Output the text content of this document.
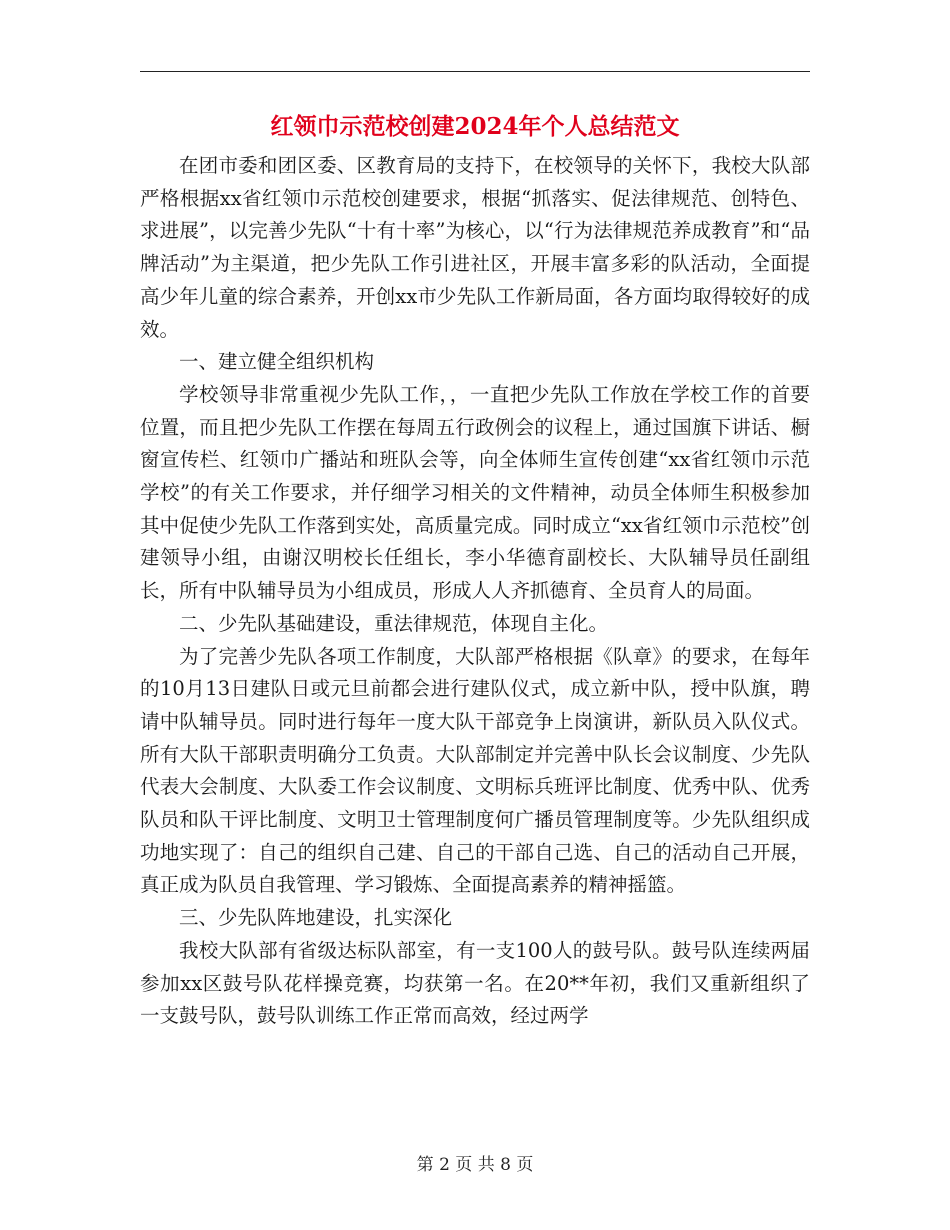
红领巾示范校创建2024年个人总结范文

在团市委和团区委、区教育局的支持下，在校领导的关怀下，我校大队部严格根据xx省红领巾示范校创建要求，根据“抓落实、促法律规范、创特色、求进展”，以完善少先队“十有十率”为核心，以“行为法律规范养成教育”和“品牌活动”为主渠道，把少先队工作引进社区，开展丰富多彩的队活动，全面提高少年儿童的综合素养，开创xx市少先队工作新局面，各方面均取得较好的成效。

一、建立健全组织机构

学校领导非常重视少先队工作，，一直把少先队工作放在学校工作的首要位置，而且把少先队工作摆在每周五行政例会的议程上，通过国旗下讲话、橱窗宣传栏、红领巾广播站和班队会等，向全体师生宣传创建“xx省红领巾示范学校”的有关工作要求，并仔细学习相关的文件精神，动员全体师生积极参加其中促使少先队工作落到实处，高质量完成。同时成立“xx省红领巾示范校”创建领导小组，由谢汉明校长任组长，李小华德育副校长、大队辅导员任副组长，所有中队辅导员为小组成员，形成人人齐抓德育、全员育人的局面。

二、少先队基础建设，重法律规范，体现自主化。

为了完善少先队各项工作制度，大队部严格根据《队章》的要求，在每年的10月13日建队日或元旦前都会进行建队仪式，成立新中队，授中队旗，聘请中队辅导员。同时进行每年一度大队干部竞争上岗演讲，新队员入队仪式。所有大队干部职责明确分工负责。大队部制定并完善中队长会议制度、少先队代表大会制度、大队委工作会议制度、文明标兵班评比制度、优秀中队、优秀队员和队干评比制度、文明卫士管理制度何广播员管理制度等。少先队组织成功地实现了：自己的组织自己建、自己的干部自己选、自己的活动自己开展，真正成为队员自我管理、学习锻炼、全面提高素养的精神摇篮。

三、少先队阵地建设，扎实深化

我校大队部有省级达标队部室，有一支100人的鼓号队。鼓号队连续两届参加xx区鼓号队花样操竞赛，均获第一名。在20**年初，我们又重新组织了一支鼓号队，鼓号队训练工作正常而高效，经过两学

第 2 页 共 8 页
